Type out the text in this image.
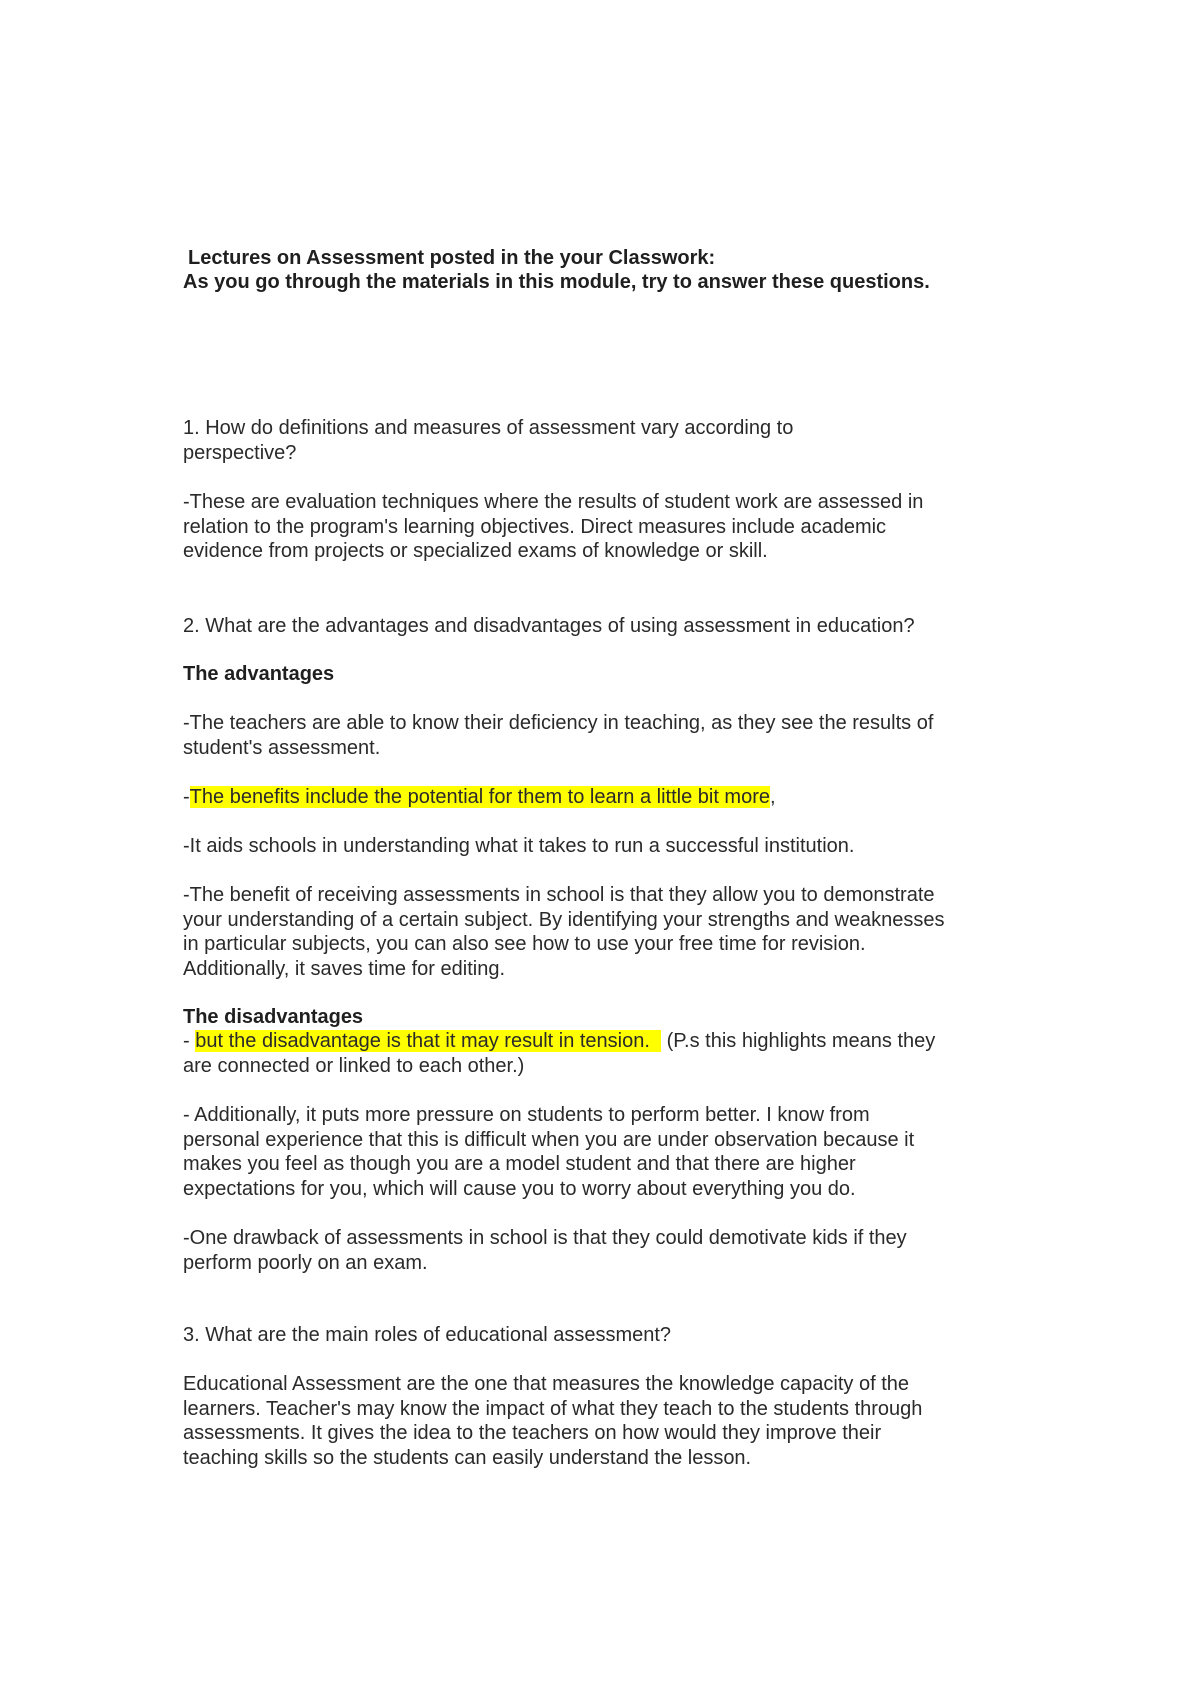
Lectures on Assessment posted in the your Classwork:
As you go through the materials in this module, try to answer these questions.
1. How do definitions and measures of assessment vary according to
perspective?
-These are evaluation techniques where the results of student work are assessed in
relation to the program's learning objectives. Direct measures include academic
evidence from projects or specialized exams of knowledge or skill.
2. What are the advantages and disadvantages of using assessment in education?
The advantages
-The teachers are able to know their deficiency in teaching, as they see the results of
student's assessment.
-The benefits include the potential for them to learn a little bit more,
-It aids schools in understanding what it takes to run a successful institution.
-The benefit of receiving assessments in school is that they allow you to demonstrate
your understanding of a certain subject. By identifying your strengths and weaknesses
in particular subjects, you can also see how to use your free time for revision.
Additionally, it saves time for editing.
The disadvantages
- but the disadvantage is that it may result in tension.   (P.s this highlights means they
are connected or linked to each other.)
- Additionally, it puts more pressure on students to perform better. I know from
personal experience that this is difficult when you are under observation because it
makes you feel as though you are a model student and that there are higher
expectations for you, which will cause you to worry about everything you do.
-One drawback of assessments in school is that they could demotivate kids if they
perform poorly on an exam.
3. What are the main roles of educational assessment?
Educational Assessment are the one that measures the knowledge capacity of the
learners. Teacher's may know the impact of what they teach to the students through
assessments. It gives the idea to the teachers on how would they improve their
teaching skills so the students can easily understand the lesson.
